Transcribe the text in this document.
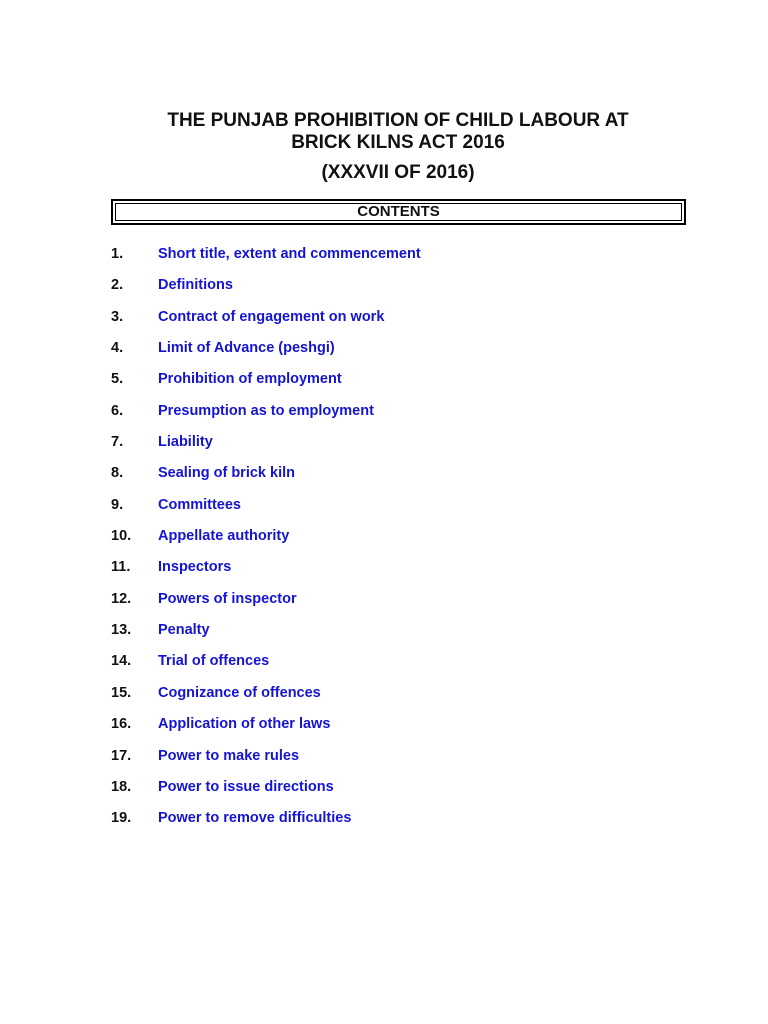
THE PUNJAB PROHIBITION OF CHILD LABOUR AT
BRICK KILNS ACT 2016
(XXXVII OF 2016)
CONTENTS
1. Short title, extent and commencement
2. Definitions
3. Contract of engagement on work
4. Limit of Advance (peshgi)
5. Prohibition of employment
6. Presumption as to employment
7. Liability
8. Sealing of brick kiln
9. Committees
10. Appellate authority
11. Inspectors
12. Powers of inspector
13. Penalty
14. Trial of offences
15. Cognizance of offences
16. Application of other laws
17. Power to make rules
18. Power to issue directions
19. Power to remove difficulties
